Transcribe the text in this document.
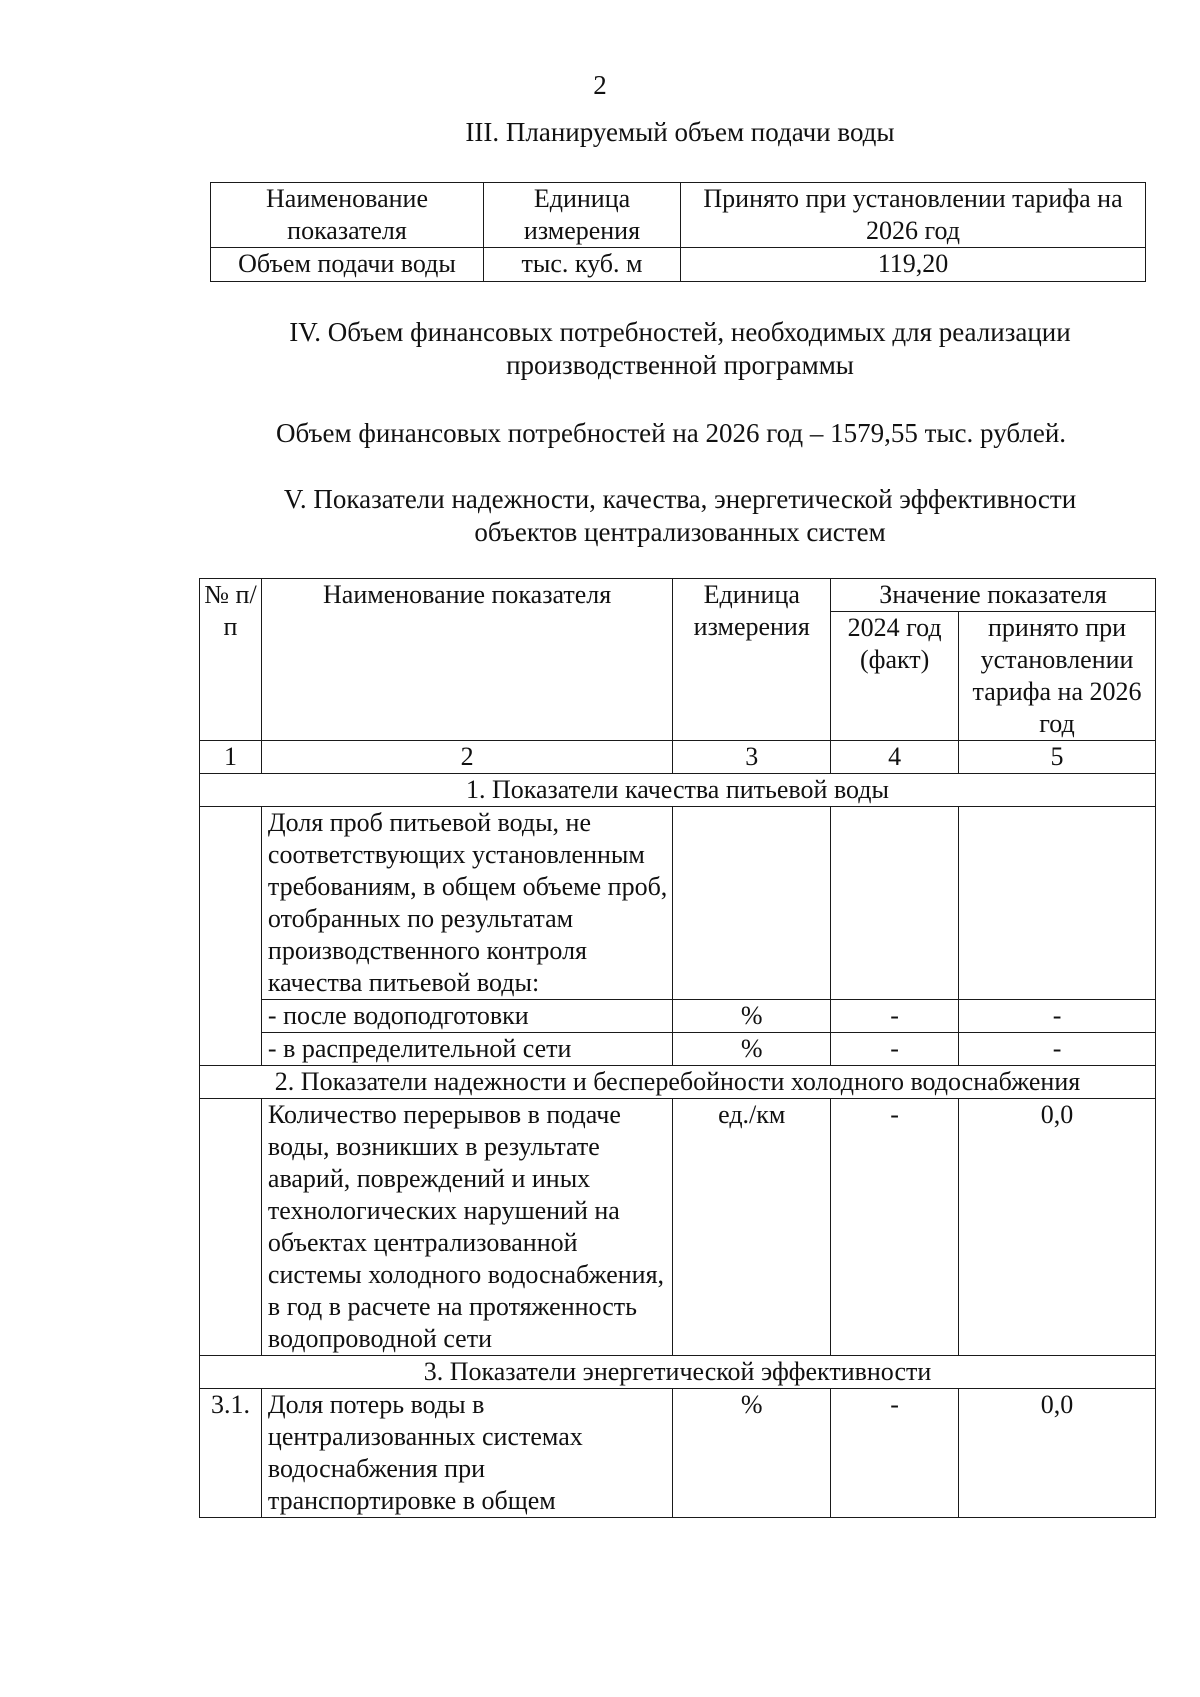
2
III. Планируемый объем подачи воды
Наименование показателя	Единица измерения	Принято при установлении тарифа на 2026 год
Объем подачи воды	тыс. куб. м	119,20
IV. Объем финансовых потребностей, необходимых для реализации
производственной программы
Объем финансовых потребностей на 2026 год – 1579,55 тыс. рублей.
V. Показатели надежности, качества, энергетической эффективности
объектов централизованных систем
№ п/п	Наименование показателя	Единица измерения	Значение показателя	
			2024 год (факт)	принято при установлении тарифа на 2026 год
1	2	3	4	5
1. Показатели качества питьевой воды				
	Доля проб питьевой воды, не соответствующих установленным требованиям, в общем объеме проб, отобранных по результатам производственного контроля качества питьевой воды:			
	- после водоподготовки	%	-	-
	- в распределительной сети	%	-	-
2. Показатели надежности и бесперебойности холодного водоснабжения				
	Количество перерывов в подаче воды, возникших в результате аварий, повреждений и иных технологических нарушений на объектах централизованной системы холодного водоснабжения, в год в расчете на протяженность водопроводной сети	ед./км	-	0,0
3. Показатели энергетической эффективности				
3.1.	Доля потерь воды в централизованных системах водоснабжения при транспортировке в общем	%	-	0,0
